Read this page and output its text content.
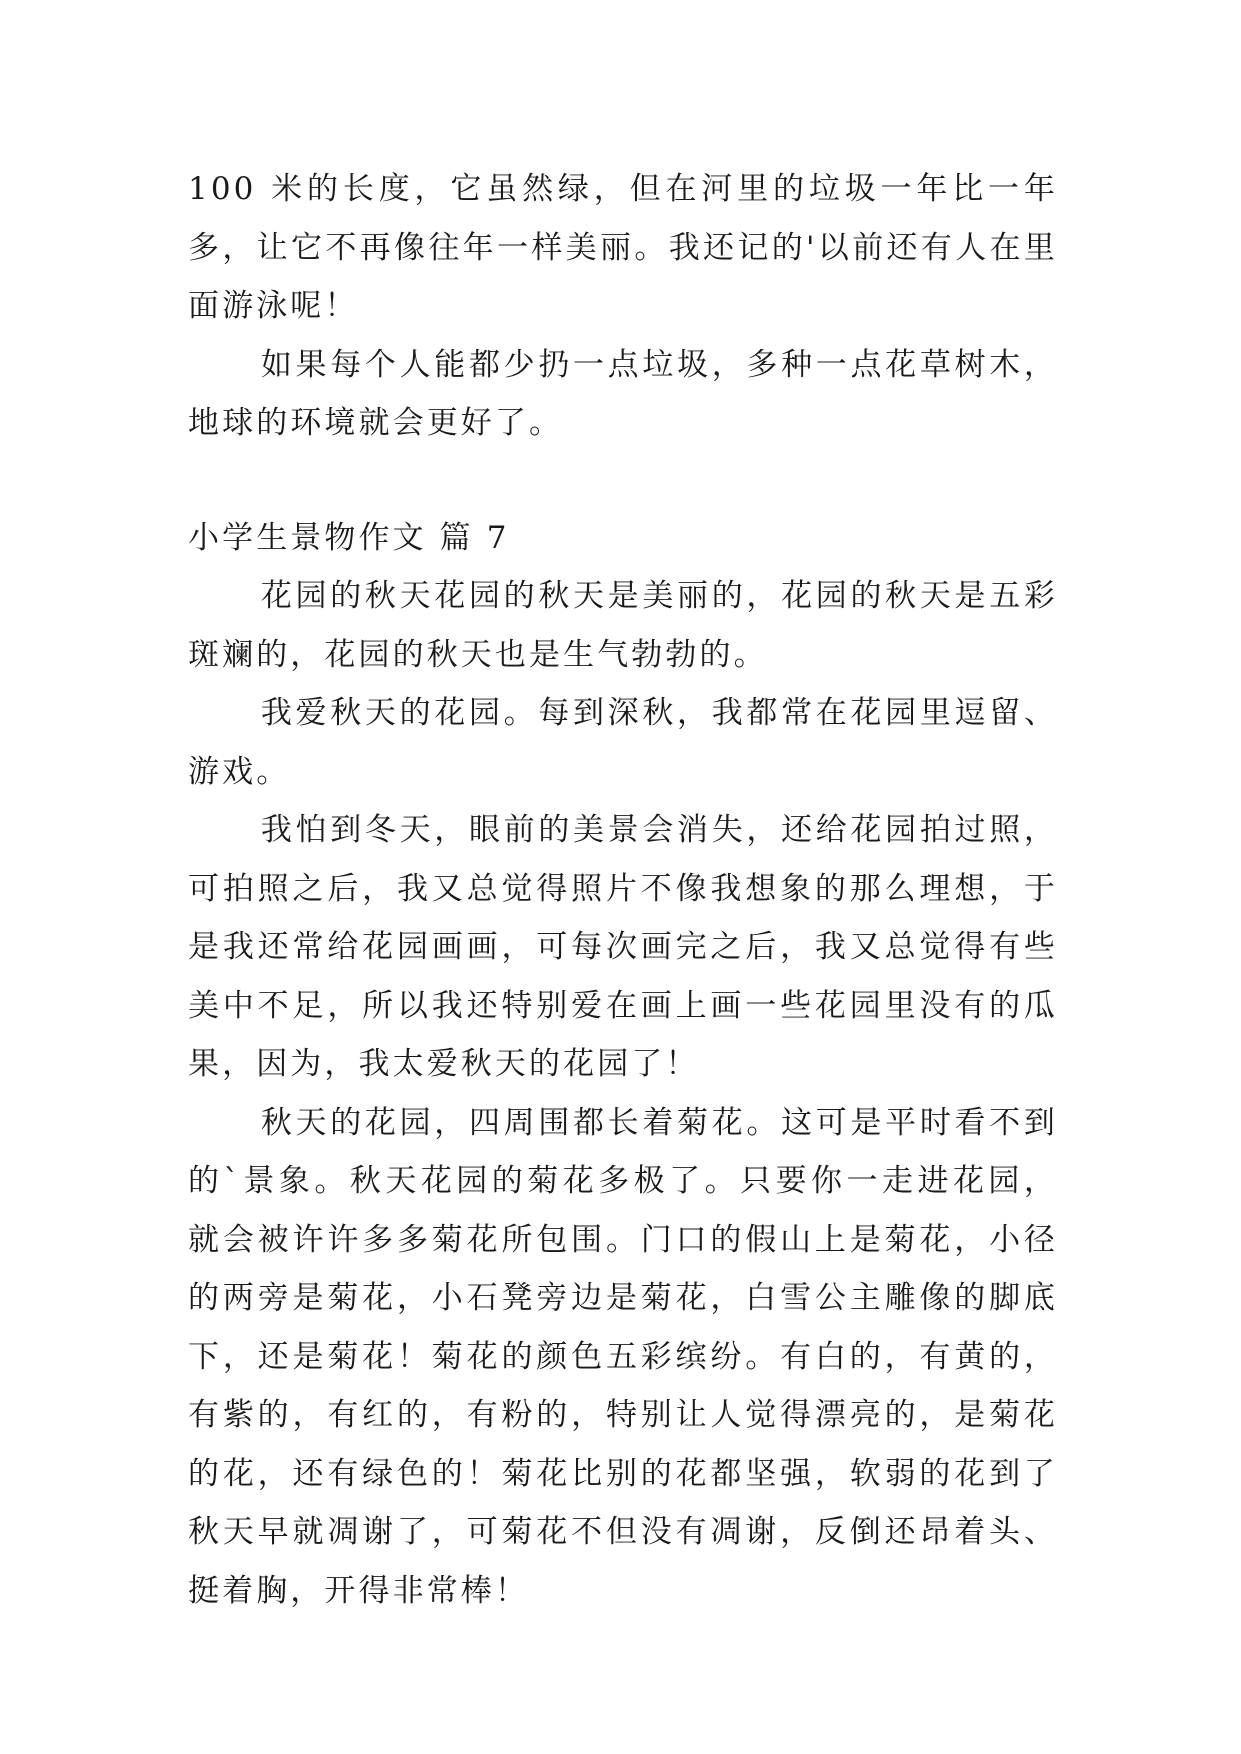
100 米的长度，它虽然绿，但在河里的垃圾一年比一年多，让它不再像往年一样美丽。我还记的'以前还有人在里面游泳呢！

如果每个人能都少扔一点垃圾，多种一点花草树木，地球的环境就会更好了。

小学生景物作文 篇 7

花园的秋天花园的秋天是美丽的，花园的秋天是五彩斑斓的，花园的秋天也是生气勃勃的。

我爱秋天的花园。每到深秋，我都常在花园里逗留、游戏。

我怕到冬天，眼前的美景会消失，还给花园拍过照，可拍照之后，我又总觉得照片不像我想象的那么理想，于是我还常给花园画画，可每次画完之后，我又总觉得有些美中不足，所以我还特别爱在画上画一些花园里没有的瓜果，因为，我太爱秋天的花园了！

秋天的花园，四周围都长着菊花。这可是平时看不到的`景象。秋天花园的菊花多极了。只要你一走进花园，就会被许许多多菊花所包围。门口的假山上是菊花，小径的两旁是菊花，小石凳旁边是菊花，白雪公主雕像的脚底下，还是菊花！菊花的颜色五彩缤纷。有白的，有黄的，有紫的，有红的，有粉的，特别让人觉得漂亮的，是菊花的花，还有绿色的！菊花比别的花都坚强，软弱的花到了秋天早就凋谢了，可菊花不但没有凋谢，反倒还昂着头、挺着胸，开得非常棒！
